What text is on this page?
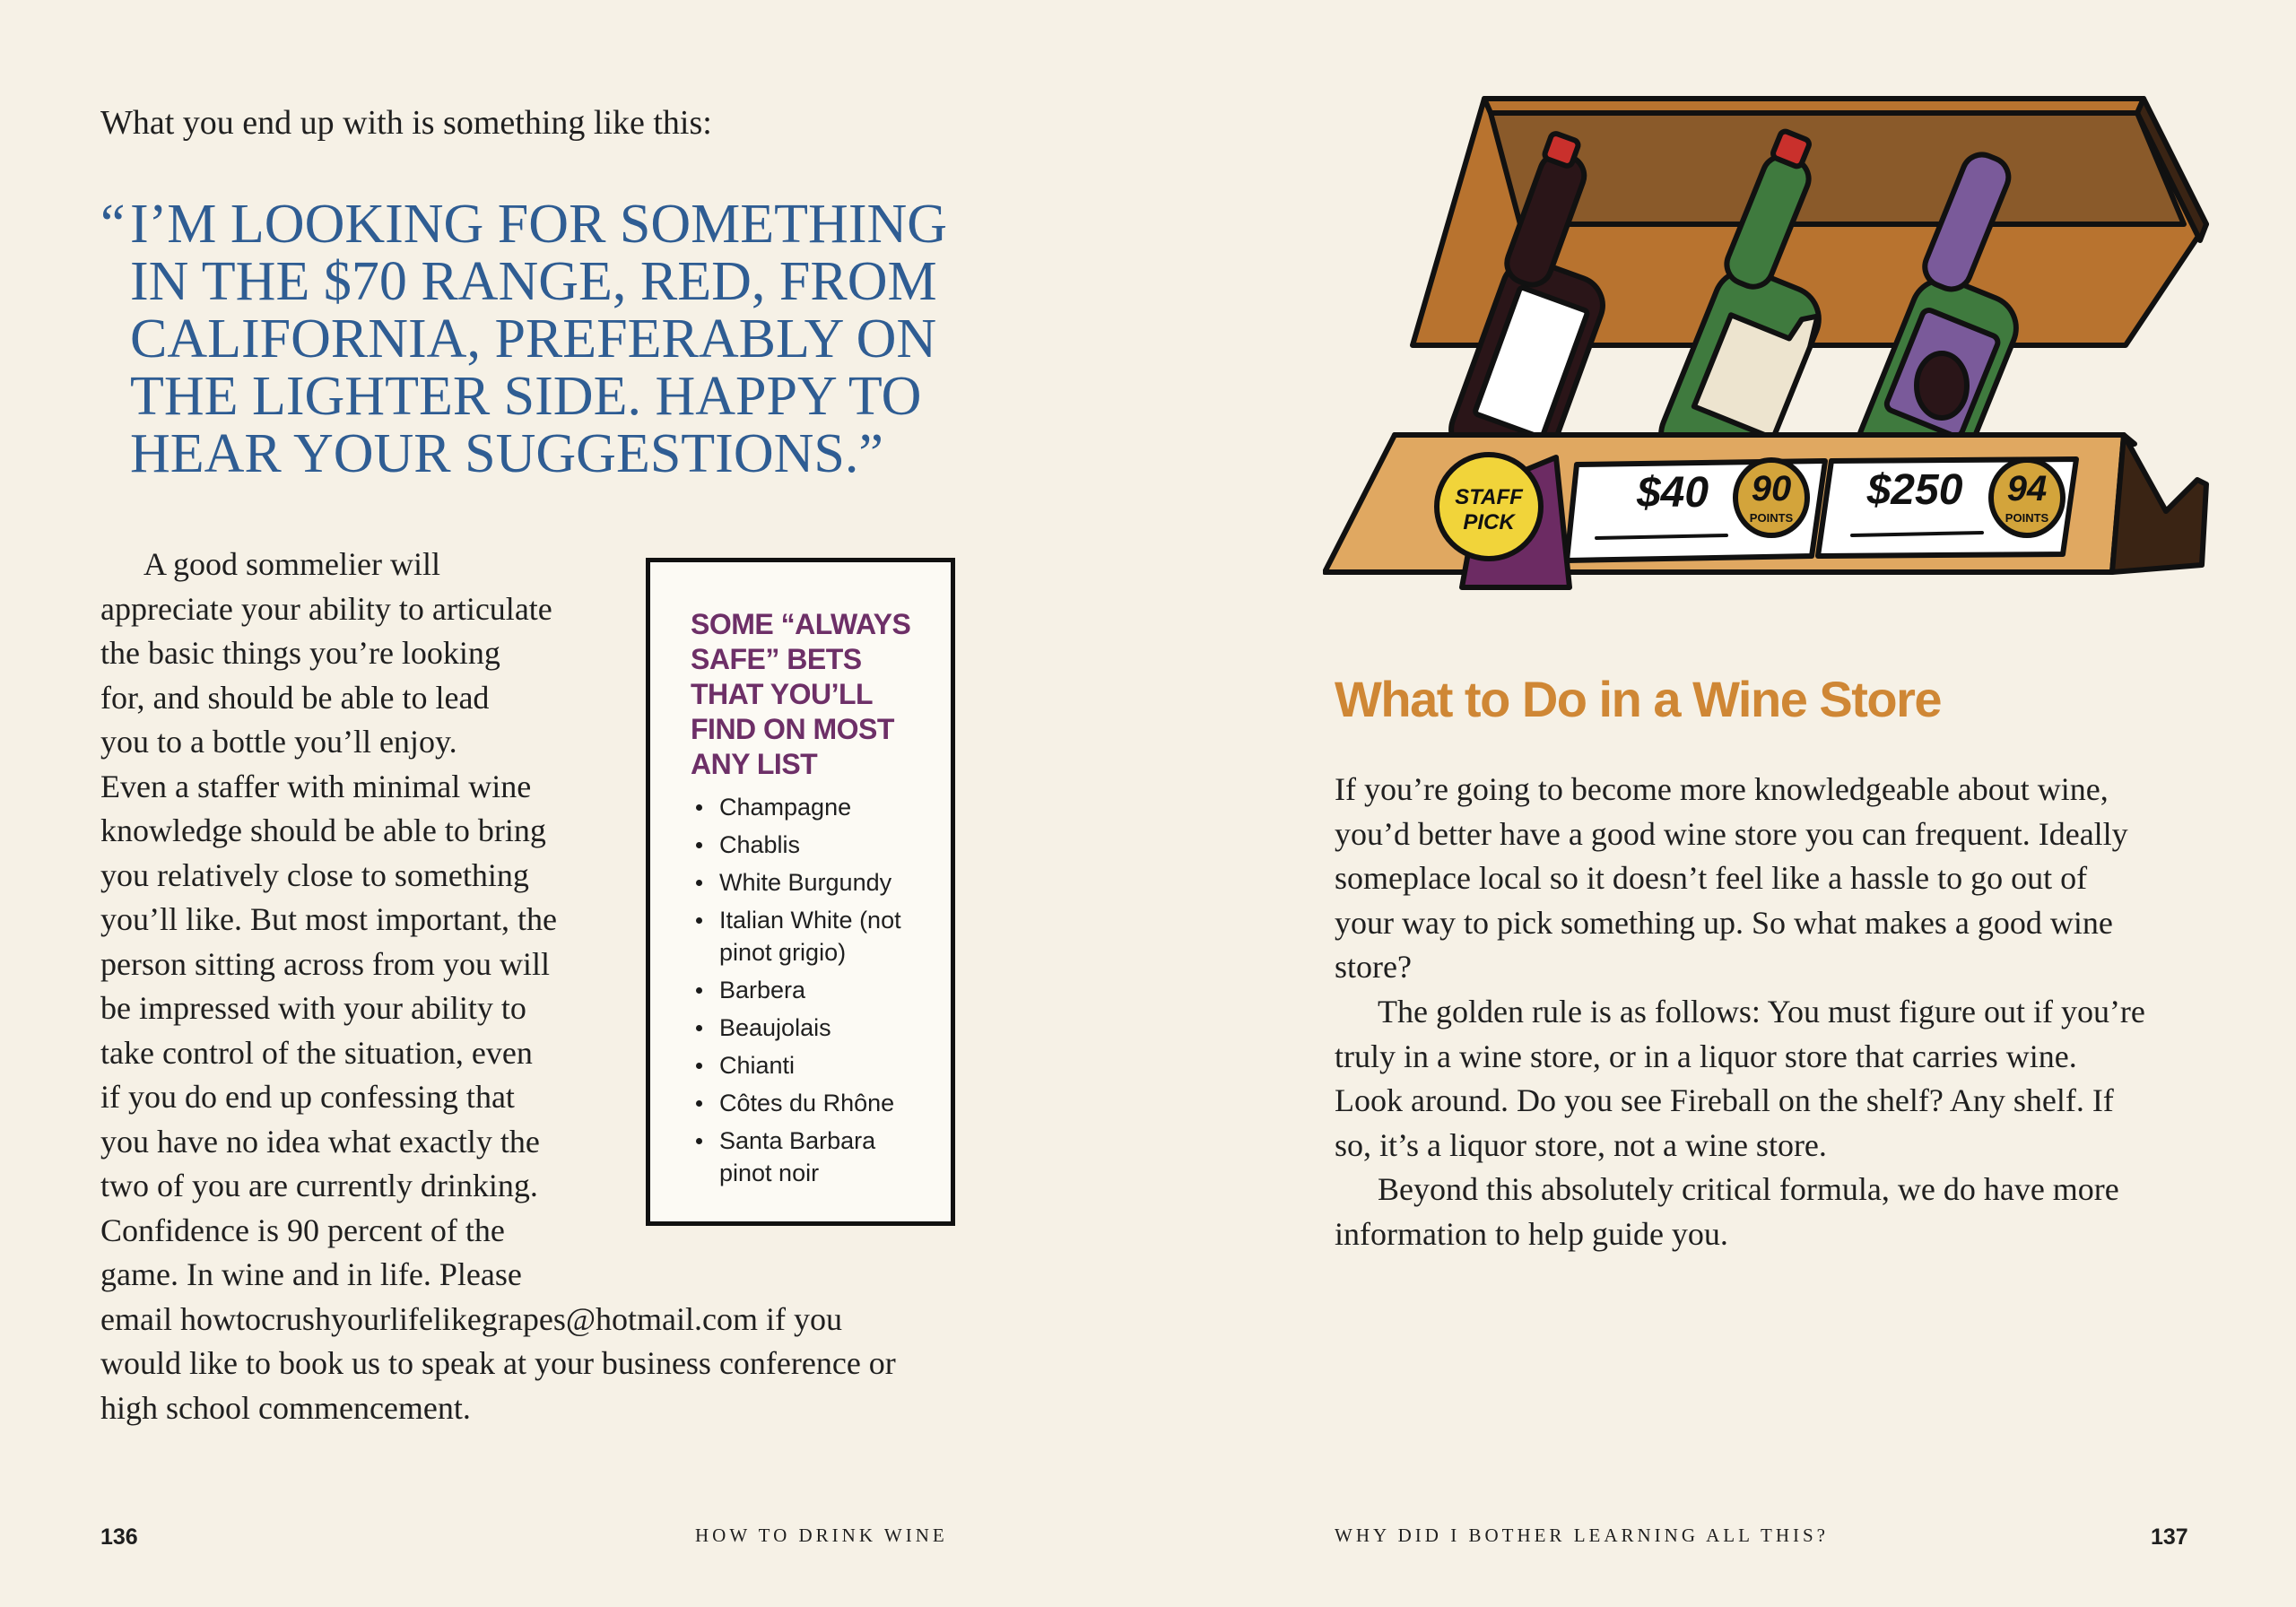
What you end up with is something like this:

“I’M LOOKING FOR SOMETHING
IN THE $70 RANGE, RED, FROM
CALIFORNIA, PREFERABLY ON
THE LIGHTER SIDE. HAPPY TO
HEAR YOUR SUGGESTIONS.”

A good sommelier will
appreciate your ability to articulate
the basic things you’re looking
for, and should be able to lead
you to a bottle you’ll enjoy.
Even a staffer with minimal wine
knowledge should be able to bring
you relatively close to something
you’ll like. But most important, the
person sitting across from you will
be impressed with your ability to
take control of the situation, even
if you do end up confessing that
you have no idea what exactly the
two of you are currently drinking.
Confidence is 90 percent of the
game. In wine and in life. Please
email howtocrushyourlifelikegrapes@hotmail.com if you
would like to book us to speak at your business conference or
high school commencement.

SOME “ALWAYS SAFE” BETS THAT YOU’LL FIND ON MOST ANY LIST
Champagne
Chablis
White Burgundy
Italian White (not pinot grigio)
Barbera
Beaujolais
Chianti
Côtes du Rhône
Santa Barbara pinot noir
136	HOW TO DRINK WINE
STAFF
PICK
$40 90
POINTS
$250 94
POINTS
What to Do in a Wine Store

If you’re going to become more knowledgeable about wine,
you’d better have a good wine store you can frequent. Ideally
someplace local so it doesn’t feel like a hassle to go out of
your way to pick something up. So what makes a good wine
store?
The golden rule is as follows: You must figure out if you’re
truly in a wine store, or in a liquor store that carries wine.
Look around. Do you see Fireball on the shelf? Any shelf. If
so, it’s a liquor store, not a wine store.
Beyond this absolutely critical formula, we do have more
information to help guide you.

WHY DID I BOTHER LEARNING ALL THIS?	137
